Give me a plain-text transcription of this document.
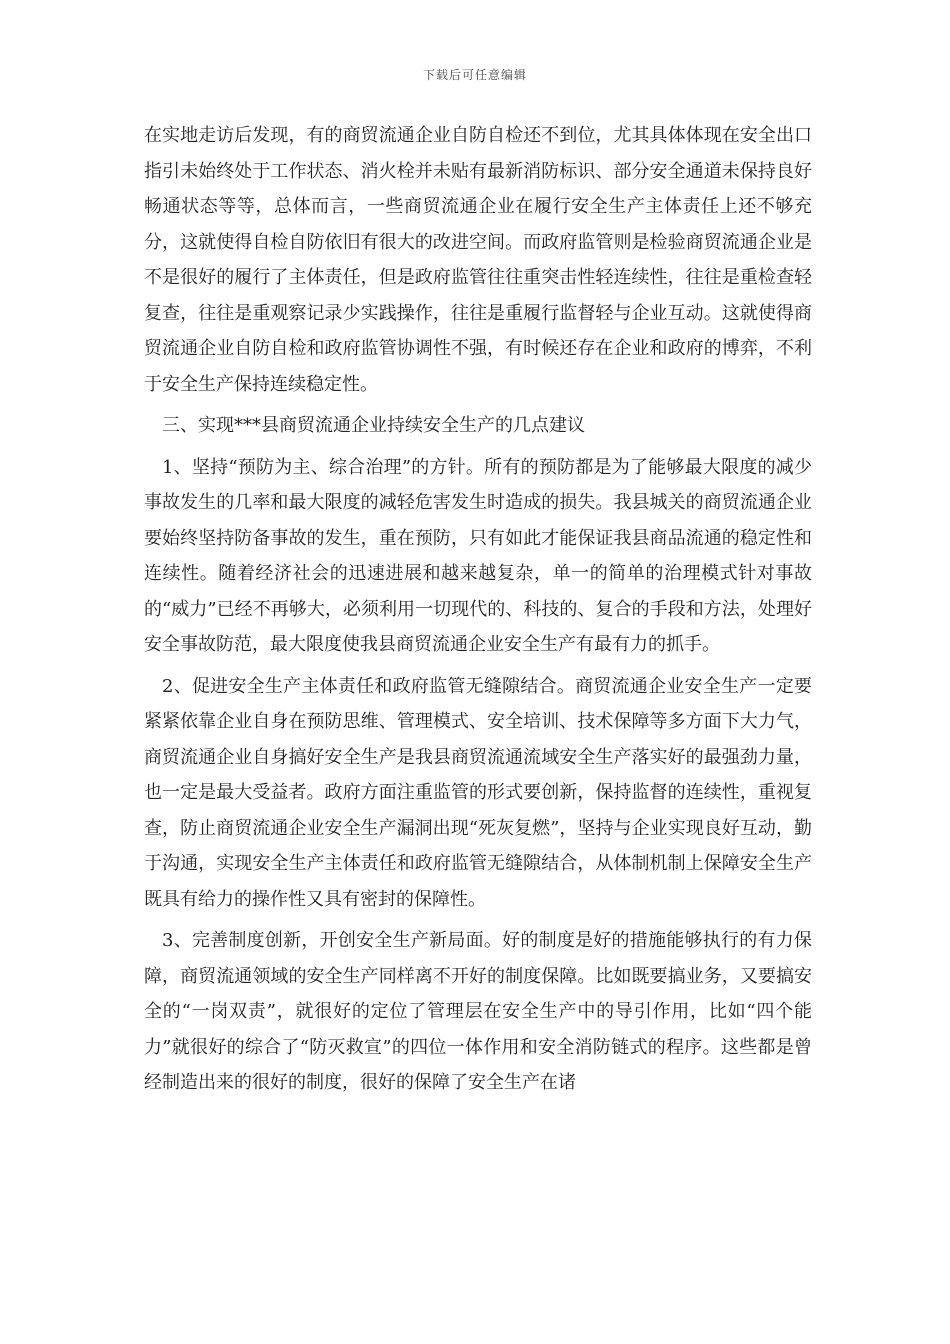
下载后可任意编辑

在实地走访后发现，有的商贸流通企业自防自检还不到位，尤其具体体现在安全出口指引未始终处于工作状态、消火栓并未贴有最新消防标识、部分安全通道未保持良好畅通状态等等，总体而言，一些商贸流通企业在履行安全生产主体责任上还不够充分，这就使得自检自防依旧有很大的改进空间。而政府监管则是检验商贸流通企业是不是很好的履行了主体责任，但是政府监管往往重突击性轻连续性，往往是重检查轻复查，往往是重观察记录少实践操作，往往是重履行监督轻与企业互动。这就使得商贸流通企业自防自检和政府监管协调性不强，有时候还存在企业和政府的博弈，不利于安全生产保持连续稳定性。

三、实现***县商贸流通企业持续安全生产的几点建议

1、坚持“预防为主、综合治理”的方针。所有的预防都是为了能够最大限度的减少事故发生的几率和最大限度的减轻危害发生时造成的损失。我县城关的商贸流通企业要始终坚持防备事故的发生，重在预防，只有如此才能保证我县商品流通的稳定性和连续性。随着经济社会的迅速进展和越来越复杂，单一的简单的治理模式针对事故的“威力”已经不再够大，必须利用一切现代的、科技的、复合的手段和方法，处理好安全事故防范，最大限度使我县商贸流通企业安全生产有最有力的抓手。

2、促进安全生产主体责任和政府监管无缝隙结合。商贸流通企业安全生产一定要紧紧依靠企业自身在预防思维、管理模式、安全培训、技术保障等多方面下大力气，商贸流通企业自身搞好安全生产是我县商贸流通流域安全生产落实好的最强劲力量，也一定是最大受益者。政府方面注重监管的形式要创新，保持监督的连续性，重视复查，防止商贸流通企业安全生产漏洞出现“死灰复燃”，坚持与企业实现良好互动，勤于沟通，实现安全生产主体责任和政府监管无缝隙结合，从体制机制上保障安全生产既具有给力的操作性又具有密封的保障性。

3、完善制度创新，开创安全生产新局面。好的制度是好的措施能够执行的有力保障，商贸流通领域的安全生产同样离不开好的制度保障。比如既要搞业务，又要搞安全的“一岗双责”，就很好的定位了管理层在安全生产中的导引作用，比如“四个能力”就很好的综合了“防灭救宣”的四位一体作用和安全消防链式的程序。这些都是曾经制造出来的很好的制度，很好的保障了安全生产在诸
